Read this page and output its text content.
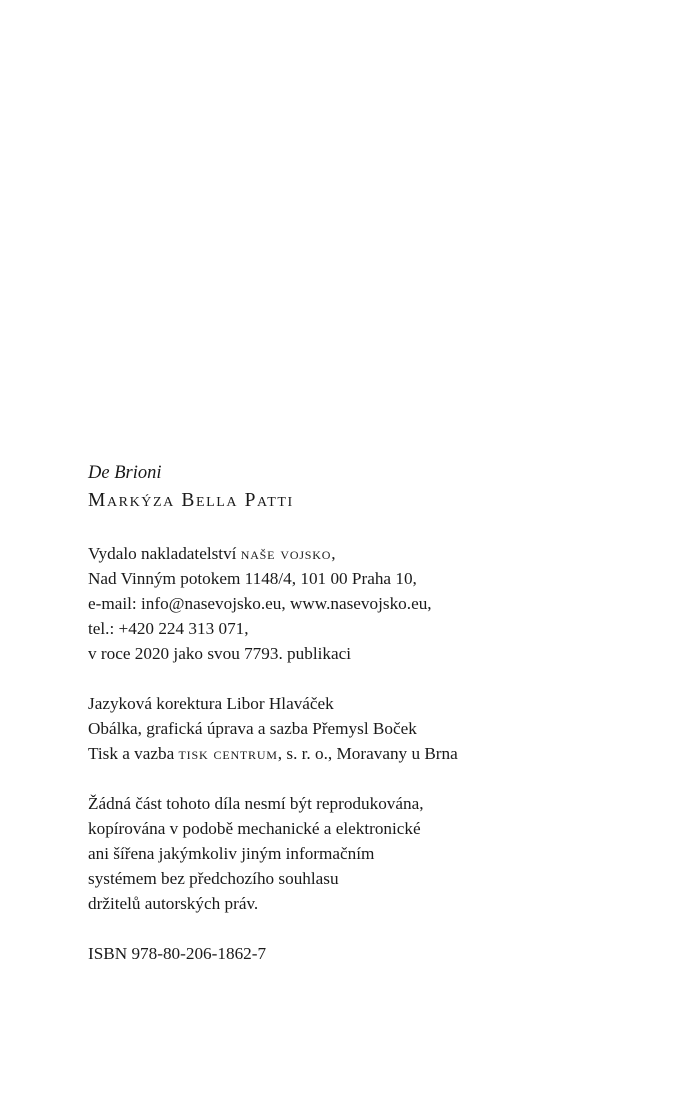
De Brioni
Markýza Bella Patti
Vydalo nakladatelství naše vojsko,
Nad Vinným potokem 1148/4, 101 00 Praha 10,
e-mail: info@nasevojsko.eu, www.nasevojsko.eu,
tel.: +420 224 313 071,
v roce 2020 jako svou 7793. publikaci
Jazyková korektura Libor Hlaváček
Obálka, grafická úprava a sazba Přemysl Boček
Tisk a vazba tisk centrum, s. r. o., Moravany u Brna
Žádná část tohoto díla nesmí být reprodukována,
kopírována v podobě mechanické a elektronické
ani šířena jakýmkoliv jiným informačním
systémem bez předchozího souhlasu
držitelů autorských práv.
ISBN 978-80-206-1862-7
